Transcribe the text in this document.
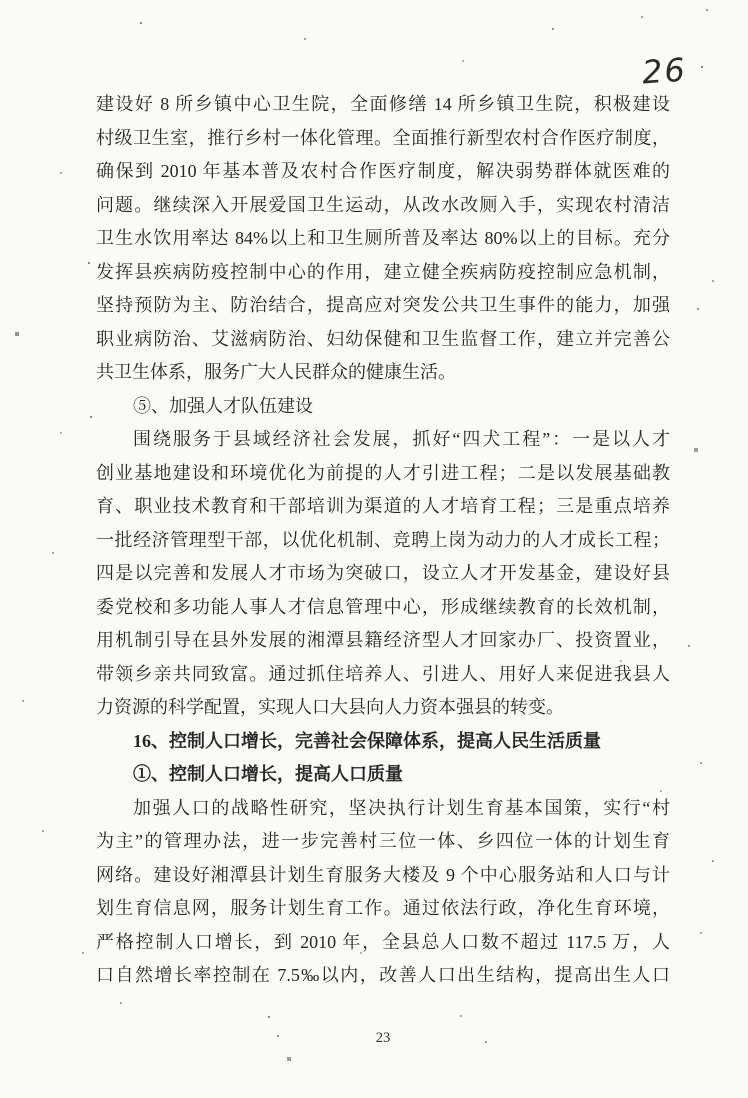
26
建设好 8 所乡镇中心卫生院，全面修缮 14 所乡镇卫生院，积极建设
村级卫生室，推行乡村一体化管理。全面推行新型农村合作医疗制度，
确保到 2010 年基本普及农村合作医疗制度，解决弱势群体就医难的
问题。继续深入开展爱国卫生运动，从改水改厕入手，实现农村清洁
卫生水饮用率达 84%以上和卫生厕所普及率达 80%以上的目标。充分
发挥县疾病防疫控制中心的作用，建立健全疾病防疫控制应急机制，
坚持预防为主、防治结合，提高应对突发公共卫生事件的能力，加强
职业病防治、艾滋病防治、妇幼保健和卫生监督工作，建立并完善公
共卫生体系，服务广大人民群众的健康生活。
⑤、加强人才队伍建设
围绕服务于县域经济社会发展，抓好“四犬工程”：一是以人才
创业基地建设和环境优化为前提的人才引进工程；二是以发展基础教
育、职业技术教育和干部培训为渠道的人才培育工程；三是重点培养
一批经济管理型干部，以优化机制、竞聘上岗为动力的人才成长工程；
四是以完善和发展人才市场为突破口，设立人才开发基金，建设好县
委党校和多功能人事人才信息管理中心，形成继续教育的长效机制，
用机制引导在县外发展的湘潭县籍经济型人才回家办厂、投资置业，
带领乡亲共同致富。通过抓住培养人、引进人、用好人来促进我县人
力资源的科学配置，实现人口大县向人力资本强县的转变。
16、控制人口增长，完善社会保障体系，提高人民生活质量
①、控制人口增长，提高人口质量
加强人口的战略性研究，坚决执行计划生育基本国策，实行“村
为主”的管理办法，进一步完善村三位一体、乡四位一体的计划生育
网络。建设好湘潭县计划生育服务大楼及 9 个中心服务站和人口与计
划生育信息网，服务计划生育工作。通过依法行政，净化生育环境，
严格控制人口增长，到 2010 年，全县总人口数不超过 117.5 万，人
口自然增长率控制在 7.5‰以内，改善人口出生结构，提高出生人口
23
